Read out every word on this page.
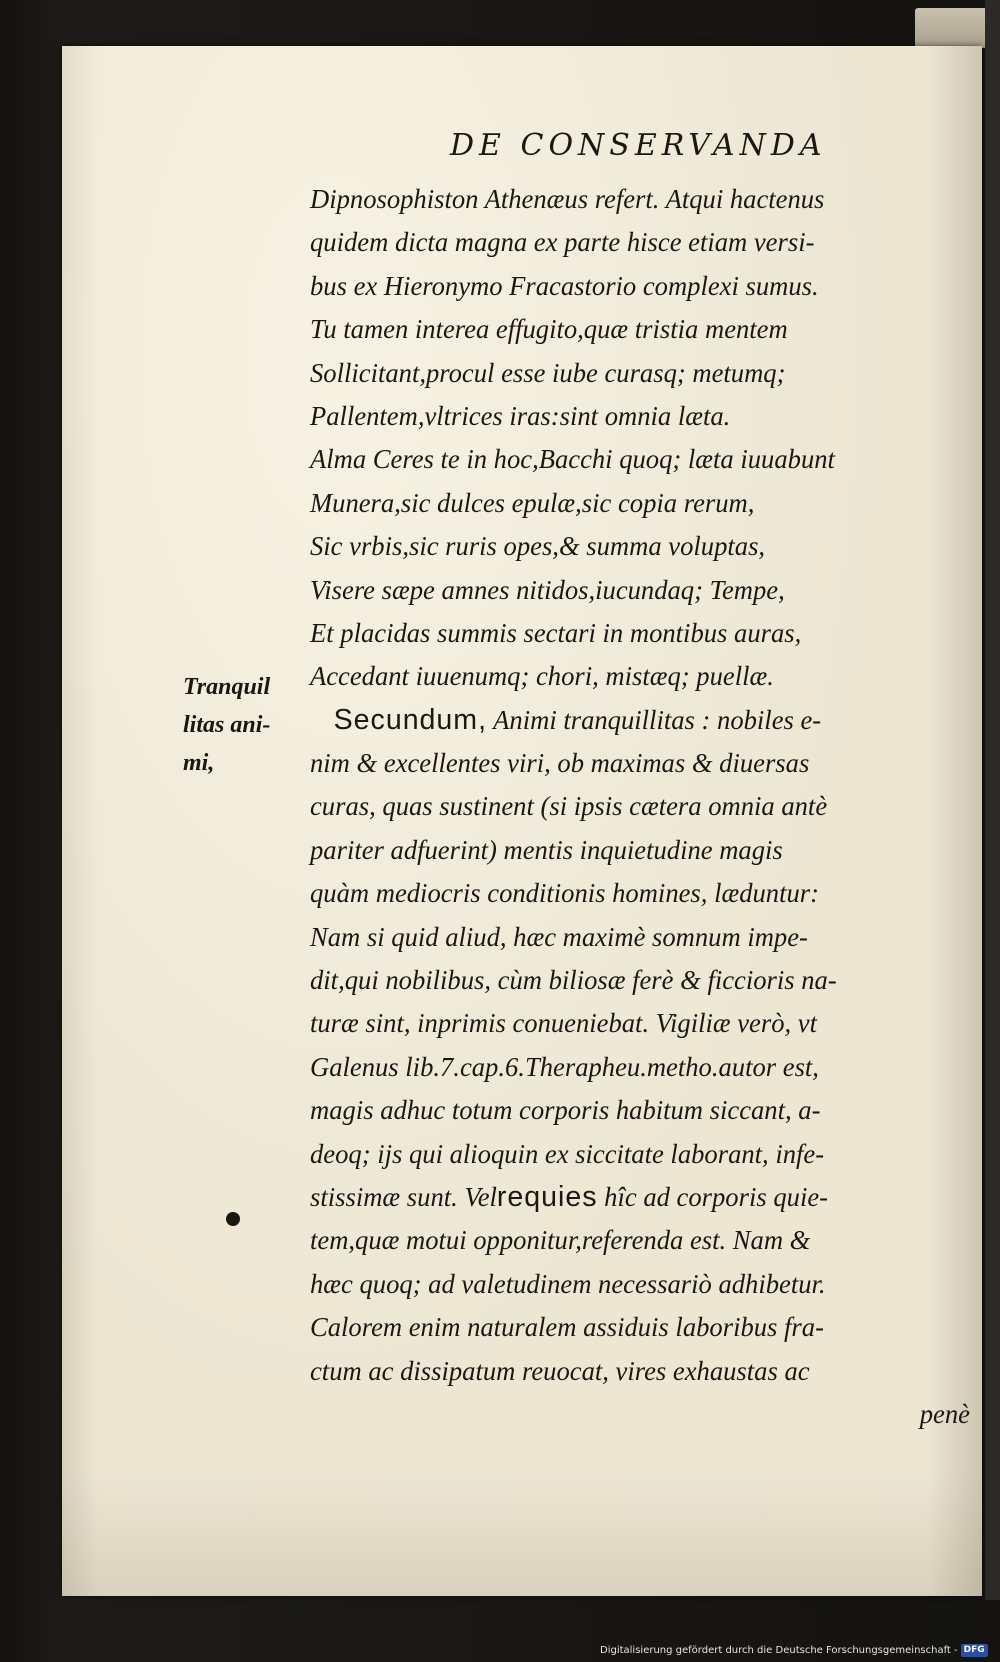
DE CONSERVANDA
Tranquil
litas ani-
mi,
Dipnosophiston Athenæus refert. Atqui hactenus
quidem dicta magna ex parte hisce etiam versi-
bus ex Hieronymo Fracastorio complexi sumus.
Tu tamen interea effugito,quæ tristia mentem
Sollicitant,procul esse iube curasq; metumq;
Pallentem,vltrices iras:sint omnia læta.
Alma Ceres te in hoc,Bacchi quoq; læta iuuabunt
Munera,sic dulces epulæ,sic copia rerum,
Sic vrbis,sic ruris opes,& summa voluptas,
Visere sæpe amnes nitidos,iucundaq; Tempe,
Et placidas summis sectari in montibus auras,
Accedant iuuenumq; chori, mistæq; puellæ.
Secundum, Animi tranquillitas : nobiles e-
nim & excellentes viri, ob maximas & diuersas
curas, quas sustinent (si ipsis cætera omnia antè
pariter adfuerint) mentis inquietudine magis
quàm mediocris conditionis homines, læduntur:
Nam si quid aliud, hæc maximè somnum impe-
dit,qui nobilibus, cùm biliosæ ferè & ficcioris na-
turæ sint, inprimis conueniebat. Vigiliæ verò, vt
Galenus lib.7.cap.6.Therapheu.metho.autor est,
magis adhuc totum corporis habitum siccant, a-
deoq; ijs qui alioquin ex siccitate laborant, infe-
stissimæ sunt. Velrequies hîc ad corporis quie-
tem,quæ motui opponitur,referenda est. Nam &
hæc quoq; ad valetudinem necessariò adhibetur.
Calorem enim naturalem assiduis laboribus fra-
ctum ac dissipatum reuocat, vires exhaustas ac
penè
Digitalisierung gefördert durch die Deutsche Forschungsgemeinschaft - DFG
